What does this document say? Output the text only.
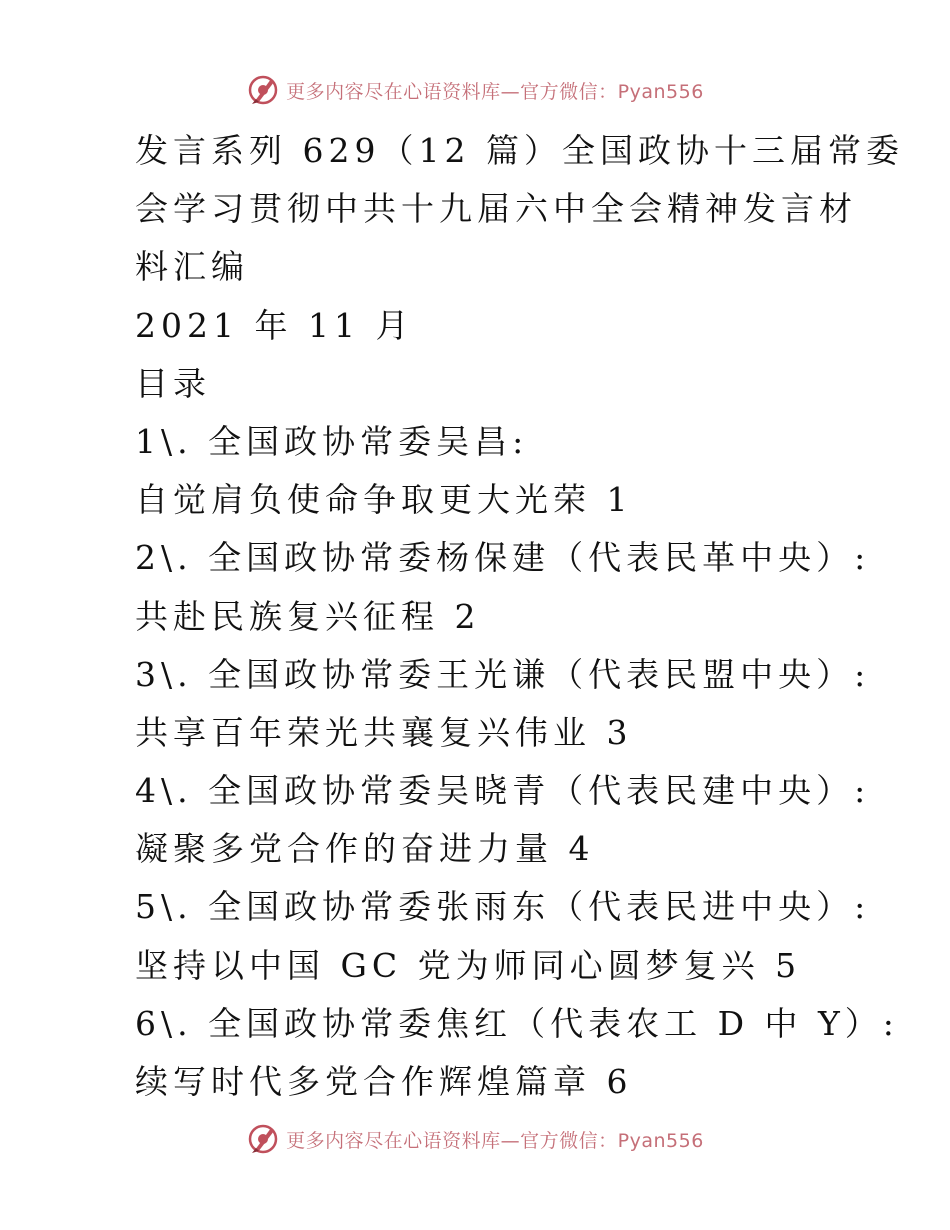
更多内容尽在心语资料库—官方微信：Pyan556
发言系列 629（12 篇）全国政协十三届常委
会学习贯彻中共十九届六中全会精神发言材
料汇编
2021 年 11 月
目录
1\. 全国政协常委吴昌:
自觉肩负使命争取更大光荣 1
2\. 全国政协常委杨保建（代表民革中央）:
共赴民族复兴征程 2
3\. 全国政协常委王光谦（代表民盟中央）:
共享百年荣光共襄复兴伟业 3
4\. 全国政协常委吴晓青（代表民建中央）:
凝聚多党合作的奋进力量 4
5\. 全国政协常委张雨东（代表民进中央）:
坚持以中国 GC 党为师同心圆梦复兴 5
6\. 全国政协常委焦红（代表农工 D 中 Y）:
续写时代多党合作辉煌篇章 6
更多内容尽在心语资料库—官方微信：Pyan556
